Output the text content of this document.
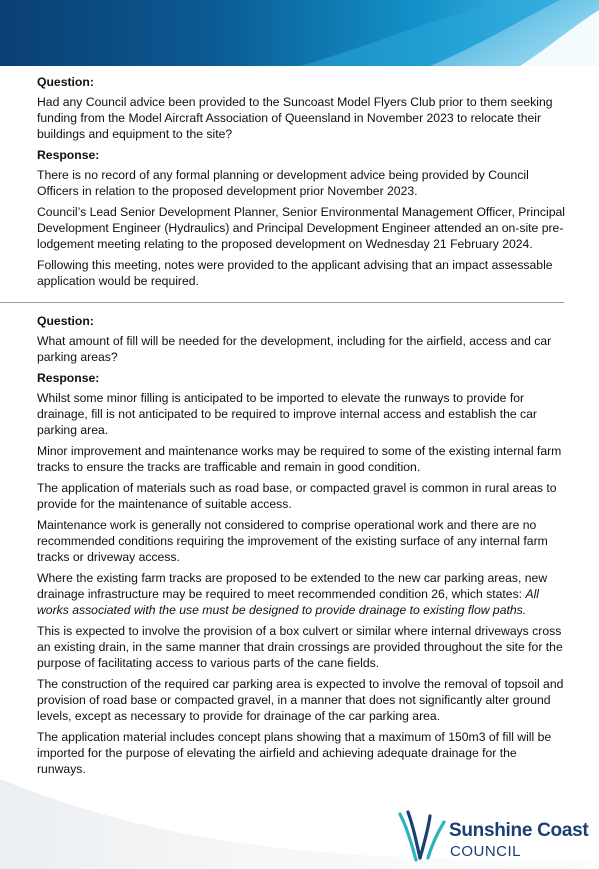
Question:

Had any Council advice been provided to the Suncoast Model Flyers Club prior to them seeking funding from the Model Aircraft Association of Queensland in November 2023 to relocate their buildings and equipment to the site?

Response:

There is no record of any formal planning or development advice being provided by Council Officers in relation to the proposed development prior November 2023.

Council’s Lead Senior Development Planner, Senior Environmental Management Officer, Principal Development Engineer (Hydraulics) and Principal Development Engineer attended an on-site pre-lodgement meeting relating to the proposed development on Wednesday 21 February 2024.

Following this meeting, notes were provided to the applicant advising that an impact assessable application would be required.

Question:

What amount of fill will be needed for the development, including for the airfield, access and car parking areas?

Response:

Whilst some minor filling is anticipated to be imported to elevate the runways to provide for drainage, fill is not anticipated to be required to improve internal access and establish the car parking area.

Minor improvement and maintenance works may be required to some of the existing internal farm tracks to ensure the tracks are trafficable and remain in good condition.

The application of materials such as road base, or compacted gravel is common in rural areas to provide for the maintenance of suitable access.

Maintenance work is generally not considered to comprise operational work and there are no recommended conditions requiring the improvement of the existing surface of any internal farm tracks or driveway access.

Where the existing farm tracks are proposed to be extended to the new car parking areas, new drainage infrastructure may be required to meet recommended condition 26, which states: All works associated with the use must be designed to provide drainage to existing flow paths.

This is expected to involve the provision of a box culvert or similar where internal driveways cross an existing drain, in the same manner that drain crossings are provided throughout the site for the purpose of facilitating access to various parts of the cane fields.

The construction of the required car parking area is expected to involve the removal of topsoil and provision of road base or compacted gravel, in a manner that does not significantly alter ground levels, except as necessary to provide for drainage of the car parking area.

The application material includes concept plans showing that a maximum of 150m3 of fill will be imported for the purpose of elevating the airfield and achieving adequate drainage for the runways.

Sunshine Coast
COUNCIL
